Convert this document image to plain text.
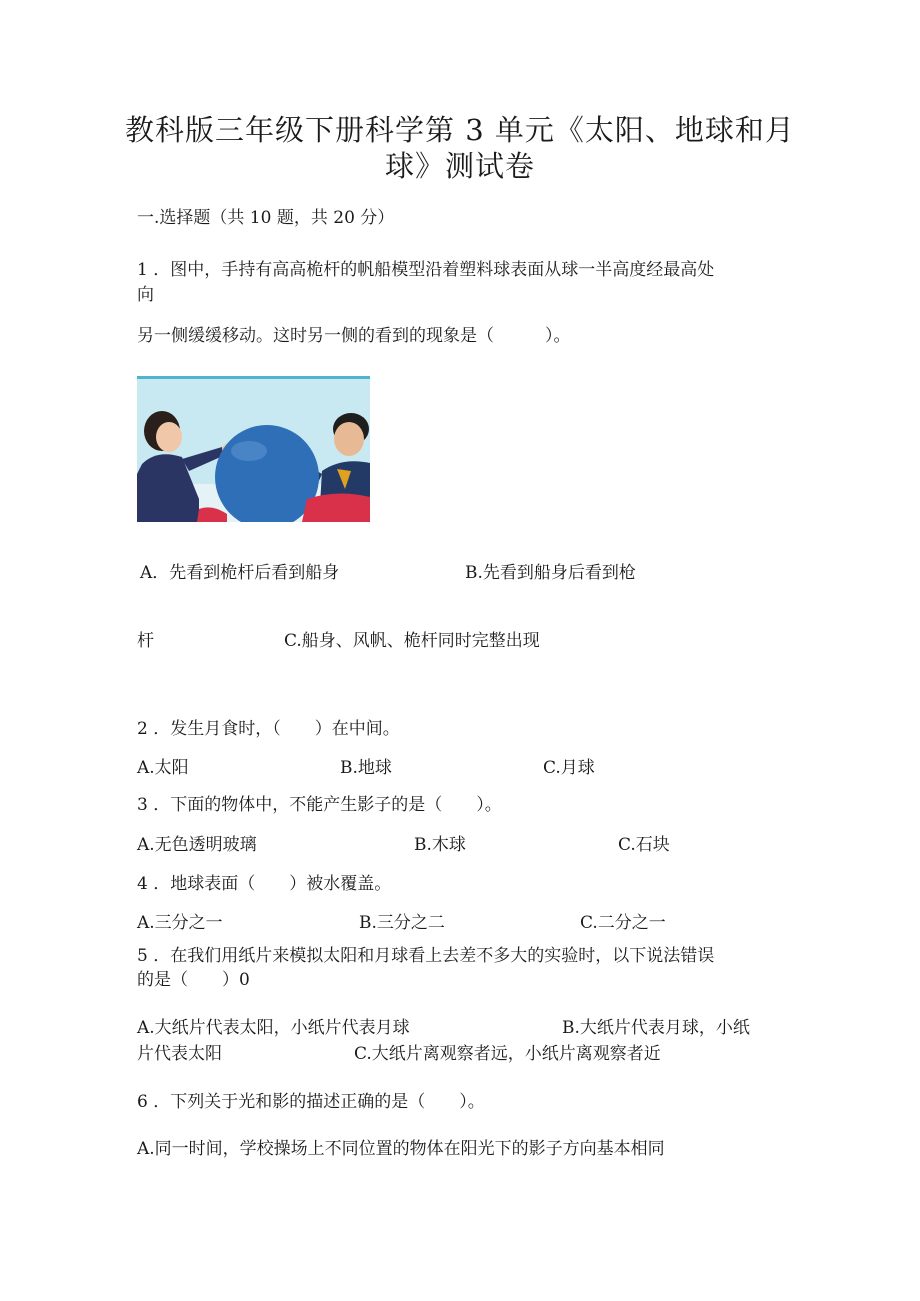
教科版三年级下册科学第 3 单元《太阳、地球和月
球》测试卷
一.选择题（共 10 题，共 20 分）
1 ．图中，手持有高高桅杆的帆船模型沿着塑料球表面从球一半高度经最高处
向
另一侧缓缓移动。这时另一侧的看到的现象是（　　　）。
A．先看到桅杆后看到船身	B.先看到船身后看到枪
杆	C.船身、风帆、桅杆同时完整出现
2 ．发生月食时，（　　）在中间。
A.太阳	B.地球	C.月球
3 ．下面的物体中，不能产生影子的是（　　）。
A.无色透明玻璃	B.木球	C.石块
4 ．地球表面（　　）被水覆盖。
A.三分之一	B.三分之二	C.二分之一
5 ．在我们用纸片来模拟太阳和月球看上去差不多大的实验时，以下说法错误
的是（　　）0
A.大纸片代表太阳，小纸片代表月球	B.大纸片代表月球，小纸
片代表太阳	C.大纸片离观察者远，小纸片离观察者近
6 ．下列关于光和影的描述正确的是（　　）。
A.同一时间，学校操场上不同位置的物体在阳光下的影子方向基本相同
